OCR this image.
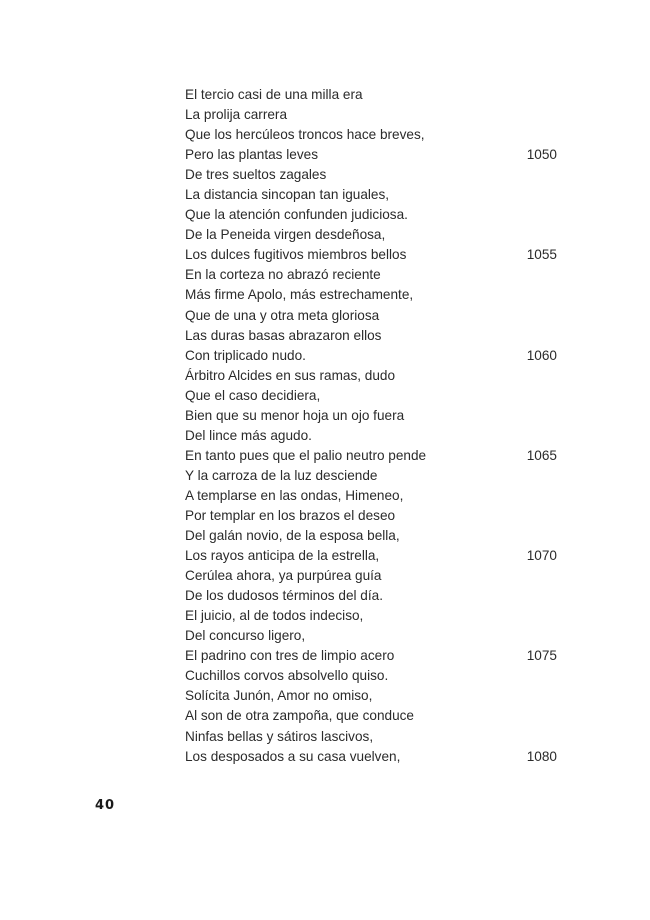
El tercio casi de una milla era
La prolija carrera
Que los hercúleos troncos hace breves,
Pero las plantas leves	1050
De tres sueltos zagales
La distancia sincopan tan iguales,
Que la atención confunden judiciosa.
De la Peneida virgen desdeñosa,
Los dulces fugitivos miembros bellos	1055
En la corteza no abrazó reciente
Más firme Apolo, más estrechamente,
Que de una y otra meta gloriosa
Las duras basas abrazaron ellos
Con triplicado nudo.	1060
Árbitro Alcides en sus ramas, dudo
Que el caso decidiera,
Bien que su menor hoja un ojo fuera
Del lince más agudo.
En tanto pues que el palio neutro pende	1065
Y la carroza de la luz desciende
A templarse en las ondas, Himeneo,
Por templar en los brazos el deseo
Del galán novio, de la esposa bella,
Los rayos anticipa de la estrella,	1070
Cerúlea ahora, ya purpúrea guía
De los dudosos términos del día.
El juicio, al de todos indeciso,
Del concurso ligero,
El padrino con tres de limpio acero	1075
Cuchillos corvos absolvello quiso.
Solícita Junón, Amor no omiso,
Al son de otra zampoña, que conduce
Ninfas bellas y sátiros lascivos,
Los desposados a su casa vuelven,	1080
40
